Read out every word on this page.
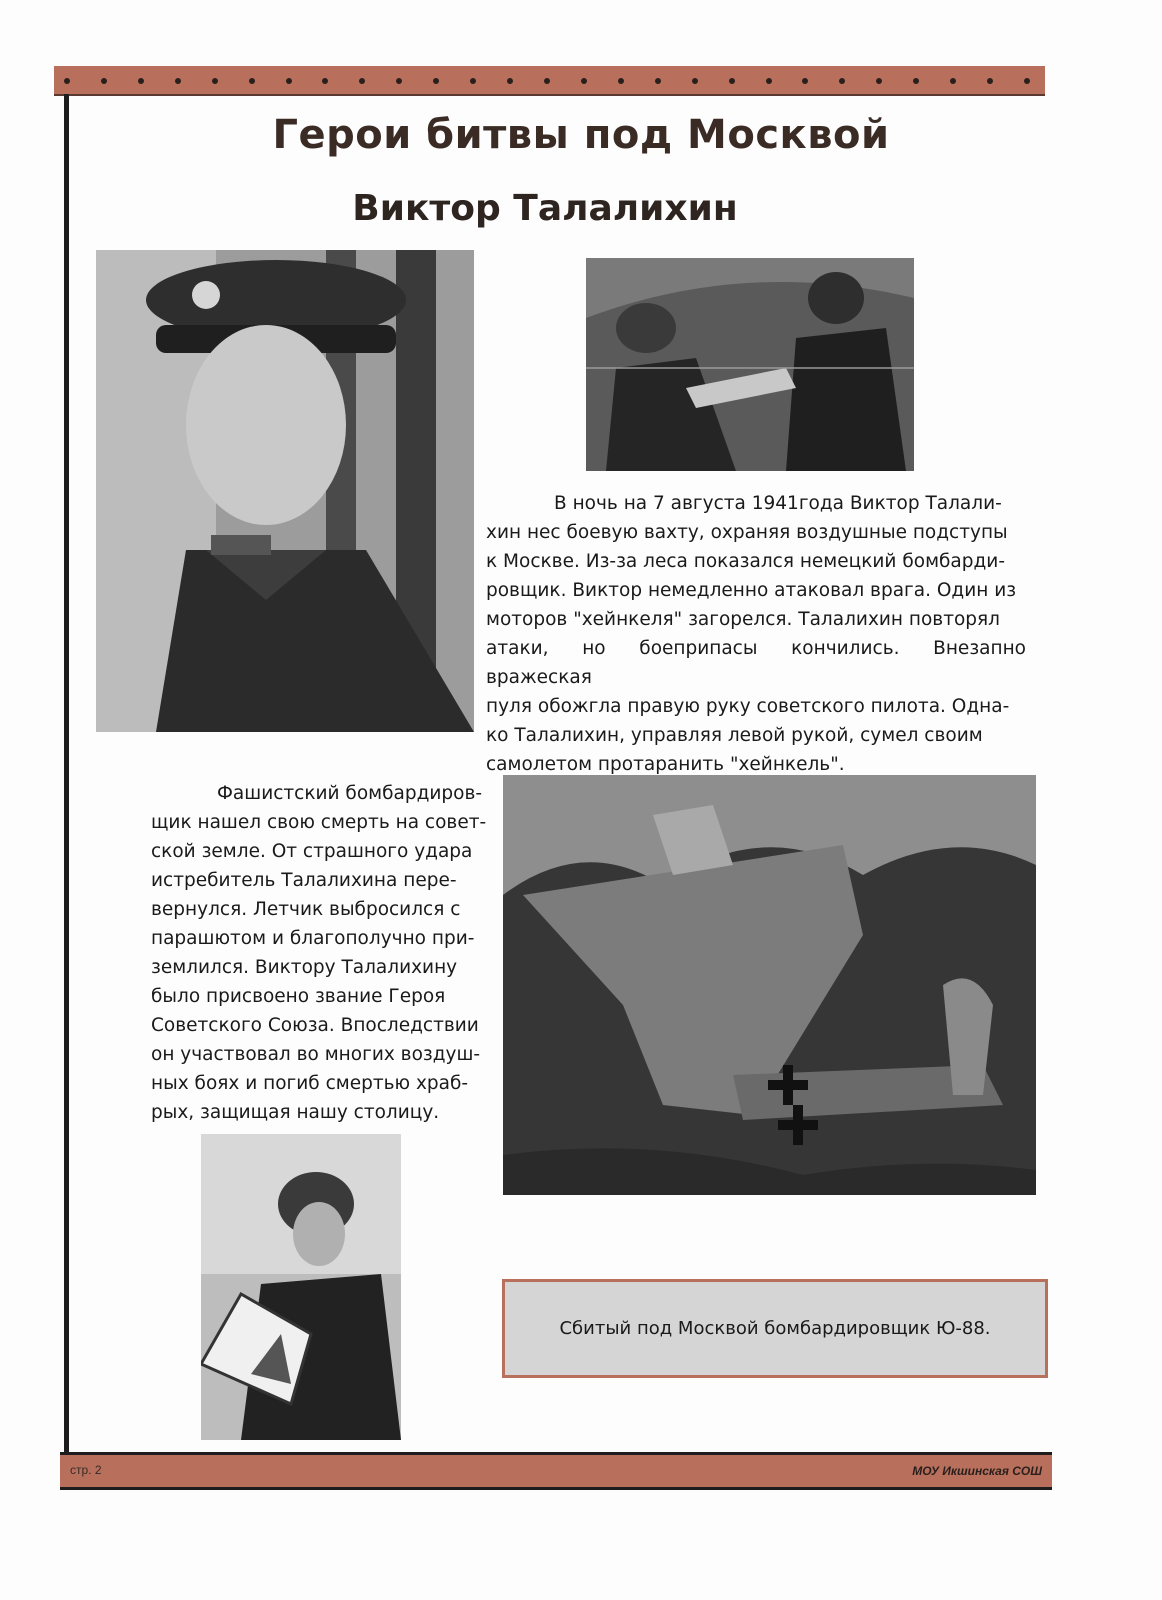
Герои битвы под Москвой
Виктор Талалихин
В ночь на 7 августа 1941года Виктор Талали-
хин нес боевую вахту, охраняя воздушные подступы
к Москве. Из-за леса показался немецкий бомбарди-
ровщик. Виктор немедленно атаковал врага. Один из
моторов "хейнкеля" загорелся. Талалихин повторял
атаки, но боеприпасы кончились. Внезапно вражеская
пуля обожгла правую руку советского пилота. Одна-
ко Талалихин, управляя левой рукой, сумел своим
самолетом протаранить "хейнкель".
Фашистский бомбардиров-
щик нашел свою смерть на совет-
ской земле. От страшного удара
истребитель Талалихина пере-
вернулся. Летчик выбросился с
парашютом и благополучно при-
землился. Виктору Талалихину
было присвоено звание Героя
Советского Союза. Впоследствии
он участвовал во многих воздуш-
ных боях и погиб смертью храб-
рых, защищая нашу столицу.
Сбитый под Москвой бомбардировщик Ю-88.
стр. 2	МОУ Икшинская СОШ
